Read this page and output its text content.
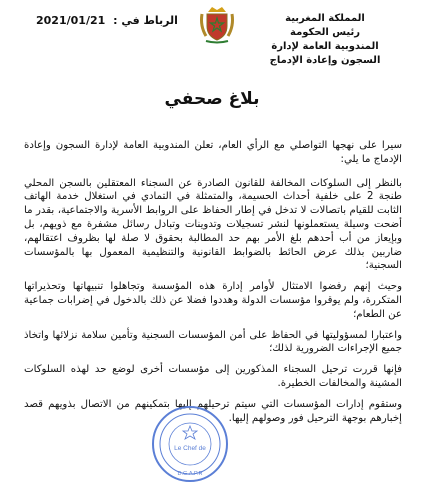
الرباط في : 2021/01/21	المملكة المغربية
رئيس الحكومة
المندوبية العامة لإدارة
السجون وإعادة الإدماج
بلاغ صحفي

سيرا على نهجها التواصلي مع الرأي العام، تعلن المندوبية العامة لإدارة السجون وإعادة الإدماج ما يلي:

بالنظر إلى السلوكات المخالفة للقانون الصادرة عن السجناء المعتقلين بالسجن المحلي طنجة 2 على خلفية أحداث الحسيمة، والمتمثلة في التمادي في استغلال خدمة الهاتف الثابت للقيام باتصالات لا تدخل في إطار الحفاظ على الروابط الأسرية والاجتماعية، بقدر ما أضحت وسيلة يستعملونها لنشر تسجيلات وتدوينات وتبادل رسائل مشفرة مع ذويهم، بل وبإيعاز من أب أحدهم بلغ الأمر بهم حد المطالبة بحقوق لا صلة لها بظروف اعتقالهم، ضاربين بذلك عرض الحائط بالضوابط القانونية والتنظيمية المعمول بها بالمؤسسات السجنية؛

وحيث إنهم رفضوا الامتثال لأوامر إدارة هذه المؤسسة وتجاهلوا تنبيهاتها وتحذيراتها المتكررة، ولم يوقروا مؤسسات الدولة وهددوا فضلا عن ذلك بالدخول في إضرابات جماعية عن الطعام؛

واعتبارا لمسؤوليتها في الحفاظ على أمن المؤسسات السجنية وتأمين سلامة نزلائها واتخاذ جميع الإجراءات الضرورية لذلك؛

فإنها قررت ترحيل السجناء المذكورين إلى مؤسسات أخرى لوضع حد لهذه السلوكات المشينة والمخالفات الخطيرة.

وستقوم إدارات المؤسسات التي سيتم ترحيلهم إليها بتمكينهم من الاتصال بذويهم قصد إخبارهم بوجهة الترحيل فور وصولهم إليها.

Le Chef de
D.G.A.P.R
